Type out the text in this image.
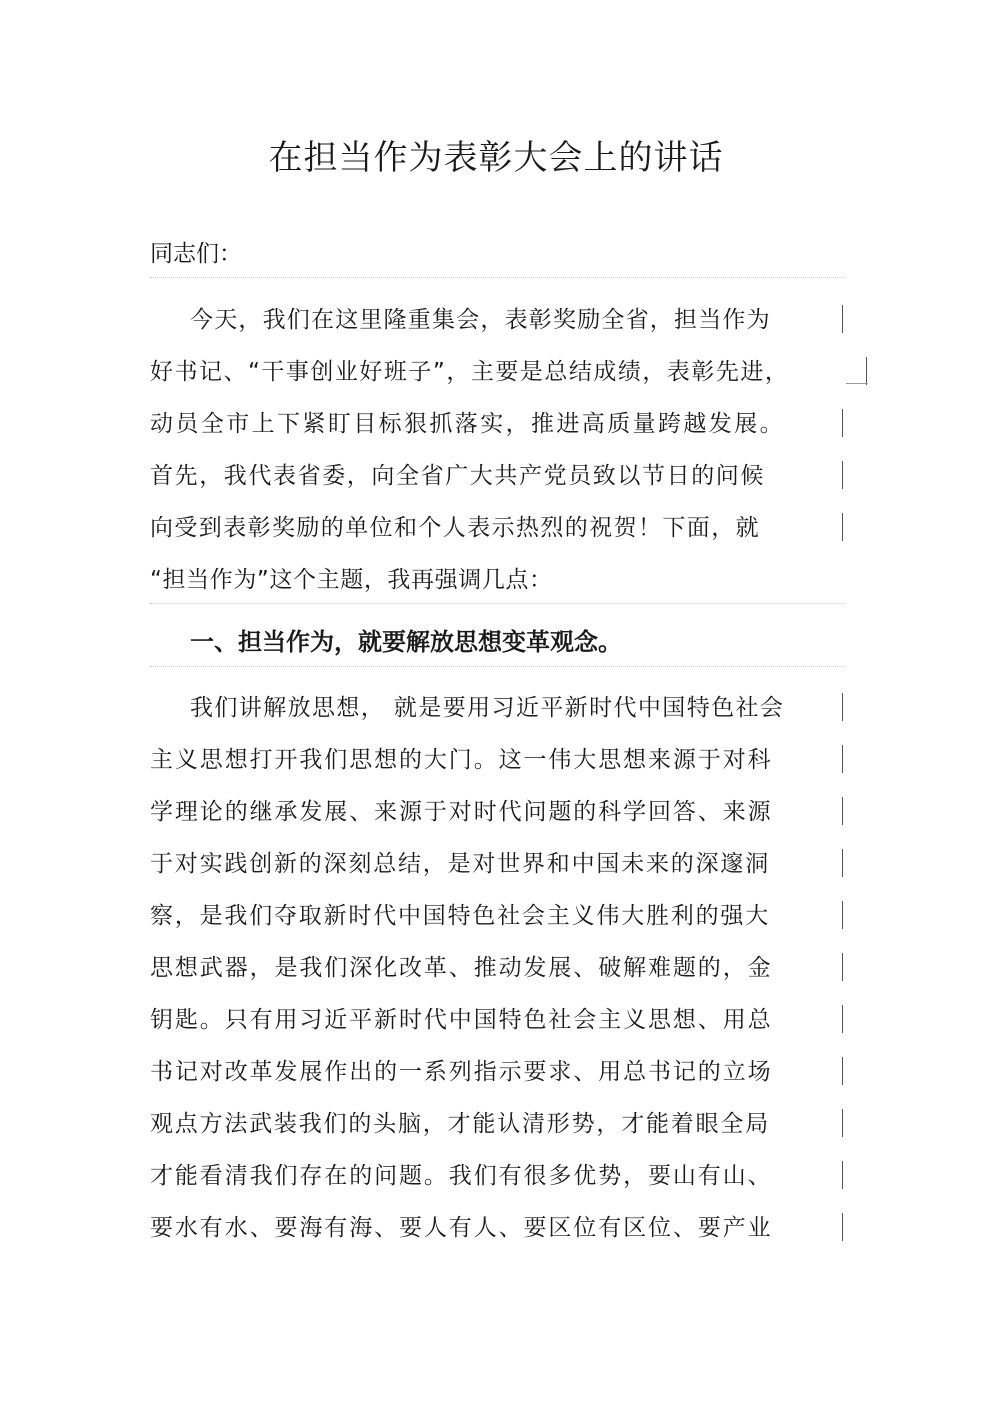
在担当作为表彰大会上的讲话
同志们：
今天，我们在这里隆重集会，表彰奖励全省，担当作为
好书记、“干事创业好班子”，主要是总结成绩，表彰先进，
动员全市上下紧盯目标狠抓落实，推进高质量跨越发展。
首先，我代表省委，向全省广大共产党员致以节日的问候
向受到表彰奖励的单位和个人表示热烈的祝贺！下面，就
“担当作为”这个主题，我再强调几点：
一、担当作为，就要解放思想变革观念。
我们讲解放思想， 就是要用习近平新时代中国特色社会
主义思想打开我们思想的大门。这一伟大思想来源于对科
学理论的继承发展、来源于对时代问题的科学回答、来源
于对实践创新的深刻总结，是对世界和中国未来的深邃洞
察，是我们夺取新时代中国特色社会主义伟大胜利的强大
思想武器，是我们深化改革、推动发展、破解难题的，金
钥匙。只有用习近平新时代中国特色社会主义思想、用总
书记对改革发展作出的一系列指示要求、用总书记的立场
观点方法武装我们的头脑，才能认清形势，才能着眼全局
才能看清我们存在的问题。我们有很多优势，要山有山、
要水有水、要海有海、要人有人、要区位有区位、要产业
